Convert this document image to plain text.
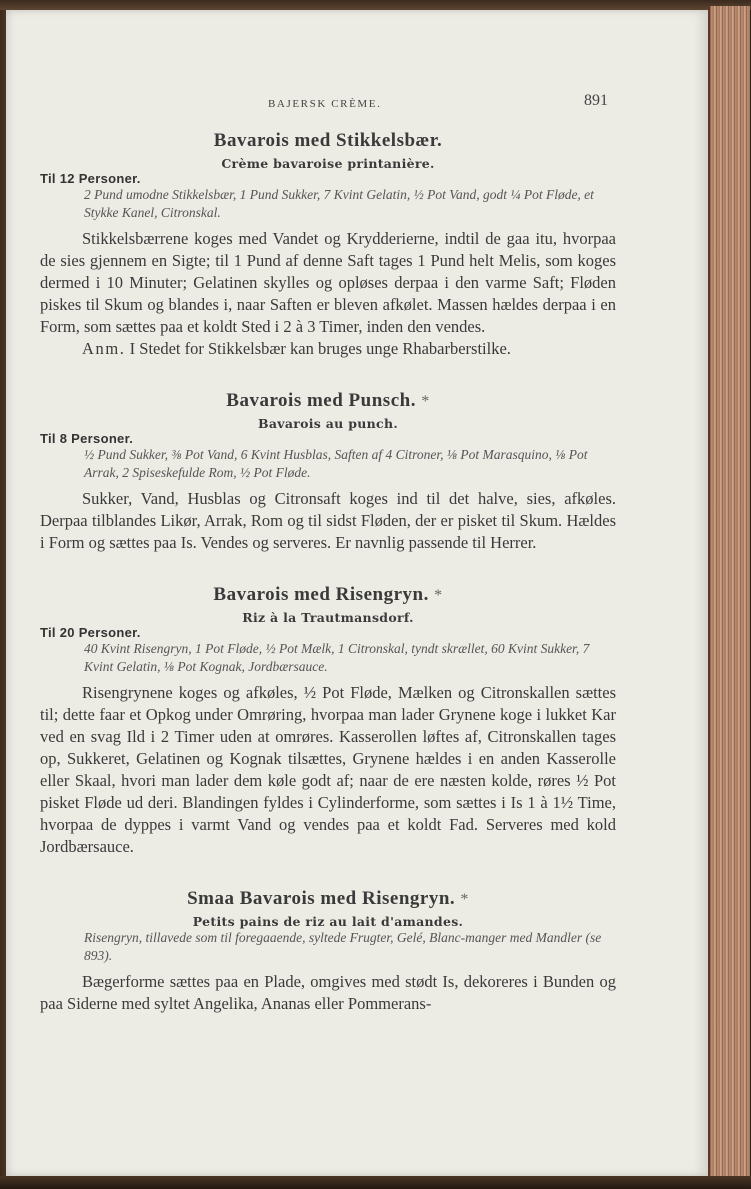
BAJERSK CRÈME.	891
Bavarois med Stikkelsbær.

Crème bavaroise printanière.

Til 12 Personer.

2 Pund umodne Stikkelsbær, 1 Pund Sukker, 7 Kvint Gelatin, ½ Pot Vand, godt ¼ Pot Fløde, et Stykke Kanel, Citronskal.

Stikkelsbærrene koges med Vandet og Krydderierne, indtil de gaa itu, hvorpaa de sies gjennem en Sigte; til 1 Pund af denne Saft tages 1 Pund helt Melis, som koges dermed i 10 Minuter; Gelatinen skylles og opløses derpaa i den varme Saft; Fløden piskes til Skum og blandes i, naar Saften er bleven afkølet. Massen hældes derpaa i en Form, som sættes paa et koldt Sted i 2 à 3 Timer, inden den vendes.

Anm. I Stedet for Stikkelsbær kan bruges unge Rhabarberstilke.

Bavarois med Punsch. *

Bavarois au punch.

Til 8 Personer.

½ Pund Sukker, ⅜ Pot Vand, 6 Kvint Husblas, Saften af 4 Citroner, ⅛ Pot Marasquino, ⅛ Pot Arrak, 2 Spiseskefulde Rom, ½ Pot Fløde.

Sukker, Vand, Husblas og Citronsaft koges ind til det halve, sies, afkøles. Derpaa tilblandes Likør, Arrak, Rom og til sidst Fløden, der er pisket til Skum. Hældes i Form og sættes paa Is. Vendes og serveres. Er navnlig passende til Herrer.

Bavarois med Risengryn. *

Riz à la Trautmansdorf.

Til 20 Personer.

40 Kvint Risengryn, 1 Pot Fløde, ½ Pot Mælk, 1 Citronskal, tyndt skrællet, 60 Kvint Sukker, 7 Kvint Gelatin, ⅛ Pot Kognak, Jordbærsauce.

Risengrynene koges og afkøles, ½ Pot Fløde, Mælken og Citronskallen sættes til; dette faar et Opkog under Omrøring, hvorpaa man lader Grynene koge i lukket Kar ved en svag Ild i 2 Timer uden at omrøres. Kasserollen løftes af, Citronskallen tages op, Sukkeret, Gelatinen og Kognak tilsættes, Grynene hældes i en anden Kasserolle eller Skaal, hvori man lader dem køle godt af; naar de ere næsten kolde, røres ½ Pot pisket Fløde ud deri. Blandingen fyldes i Cylinderforme, som sættes i Is 1 à 1½ Time, hvorpaa de dyppes i varmt Vand og vendes paa et koldt Fad. Serveres med kold Jordbærsauce.

Smaa Bavarois med Risengryn. *

Petits pains de riz au lait d'amandes.

Risengryn, tillavede som til foregaaende, syltede Frugter, Gelé, Blanc-manger med Mandler (se 893).

Bægerforme sættes paa en Plade, omgives med stødt Is, dekoreres i Bunden og paa Siderne med syltet Angelika, Ananas eller Pommerans-
